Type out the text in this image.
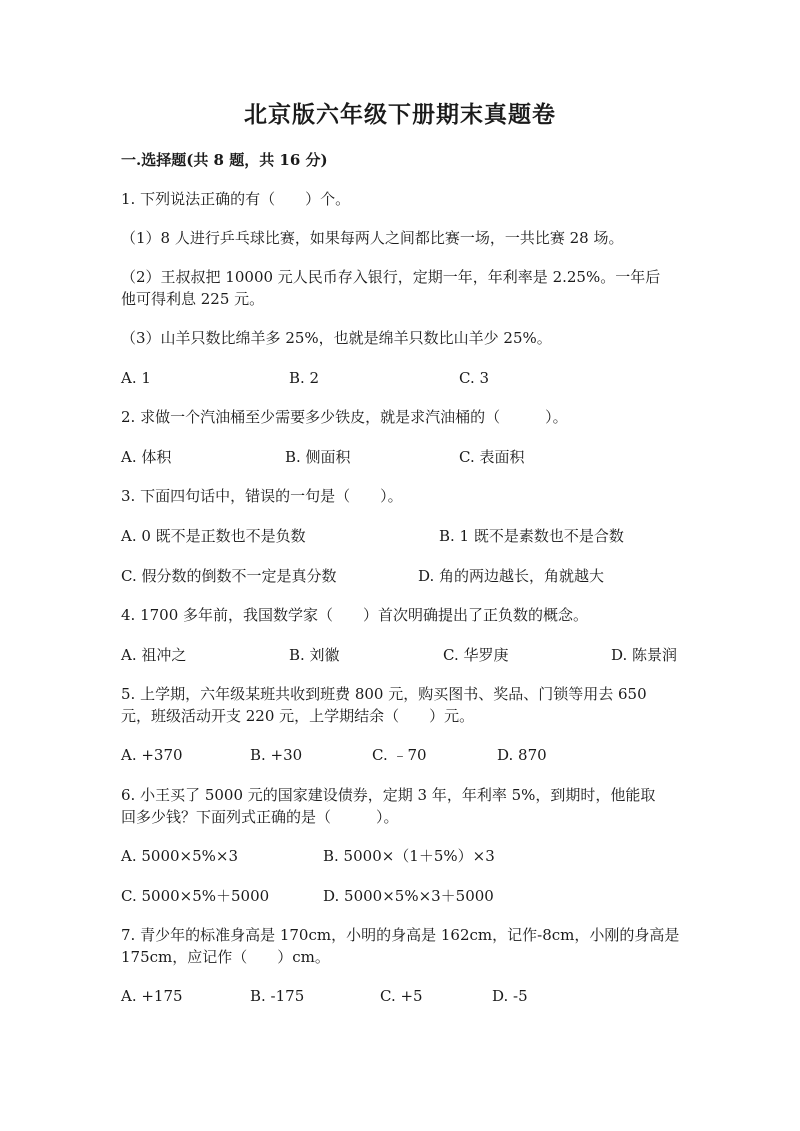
北京版六年级下册期末真题卷
一.选择题(共 8 题，共 16 分)
1. 下列说法正确的有（　　）个。
（1）8 人进行乒乓球比赛，如果每两人之间都比赛一场，一共比赛 28 场。
（2）王叔叔把 10000 元人民币存入银行，定期一年，年利率是 2.25%。一年后
他可得利息 225 元。
（3）山羊只数比绵羊多 25%，也就是绵羊只数比山羊少 25%。
A. 1	B. 2	C. 3
2. 求做一个汽油桶至少需要多少铁皮，就是求汽油桶的（　　　）。
A. 体积	B. 侧面积	C. 表面积
3. 下面四句话中，错误的一句是（　　）。
A. 0 既不是正数也不是负数	B. 1 既不是素数也不是合数
C. 假分数的倒数不一定是真分数	D. 角的两边越长，角就越大
4. 1700 多年前，我国数学家（　　）首次明确提出了正负数的概念。
A. 祖冲之	B. 刘徽	C. 华罗庚	D. 陈景润
5. 上学期，六年级某班共收到班费 800 元，购买图书、奖品、门锁等用去 650
元，班级活动开支 220 元，上学期结余（　　）元。
A. +370	B. +30	C. ﹣70	D. 870
6. 小王买了 5000 元的国家建设债券，定期 3 年，年利率 5%，到期时，他能取
回多少钱？下面列式正确的是（　　　）。
A. 5000×5%×3	B. 5000×（1＋5%）×3
C. 5000×5%＋5000	D. 5000×5%×3＋5000
7. 青少年的标准身高是 170cm，小明的身高是 162cm，记作-8cm，小刚的身高是
175cm，应记作（　　）cm。
A. +175	B. -175	C. +5	D. -5
